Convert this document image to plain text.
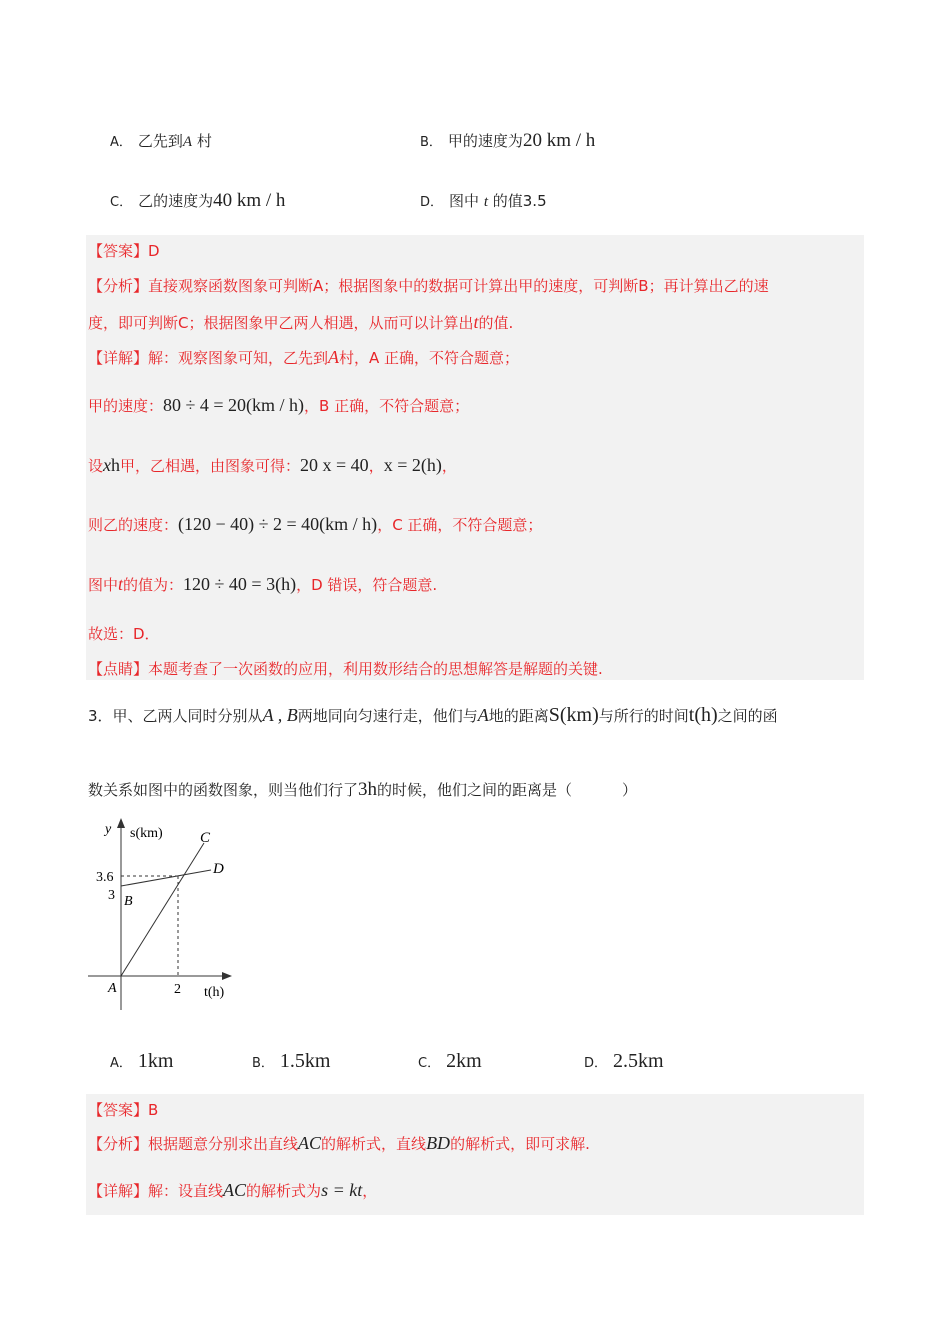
A． 乙先到A 村	B． 甲的速度为20 km / h
C． 乙的速度为40 km / h	D． 图中 t 的值3.5
【答案】D
【分析】直接观察函数图象可判断A；根据图象中的数据可计算出甲的速度，可判断B；再计算出乙的速
度，即可判断C；根据图象甲乙两人相遇，从而可以计算出t的值.
【详解】解：观察图象可知，乙先到A村，A 正确，不符合题意；
甲的速度：80 ÷ 4 = 20(km / h)，B 正确，不符合题意；
设xh甲，乙相遇，由图象可得：20 x = 40，x = 2(h)，
则乙的速度：(120 − 40) ÷ 2 = 40(km / h)，C 正确，不符合题意；
图中t的值为：120 ÷ 40 = 3(h)，D 错误，符合题意.
故选：D．
【点睛】本题考查了一次函数的应用，利用数形结合的思想解答是解题的关键.
3．甲、乙两人同时分别从A , B两地同向匀速行走，他们与A地的距离S(km)与所行的时间t(h)之间的函
数关系如图中的函数图象，则当他们行了3h的时候，他们之间的距离是（	）
y s(km) C
D
3.6
3 B
A	2 t(h)
A． 1km	B． 1.5km	C． 2km	D． 2.5km
【答案】B
【分析】根据题意分别求出直线AC的解析式，直线BD的解析式，即可求解.
【详解】解：设直线AC的解析式为s = kt，
